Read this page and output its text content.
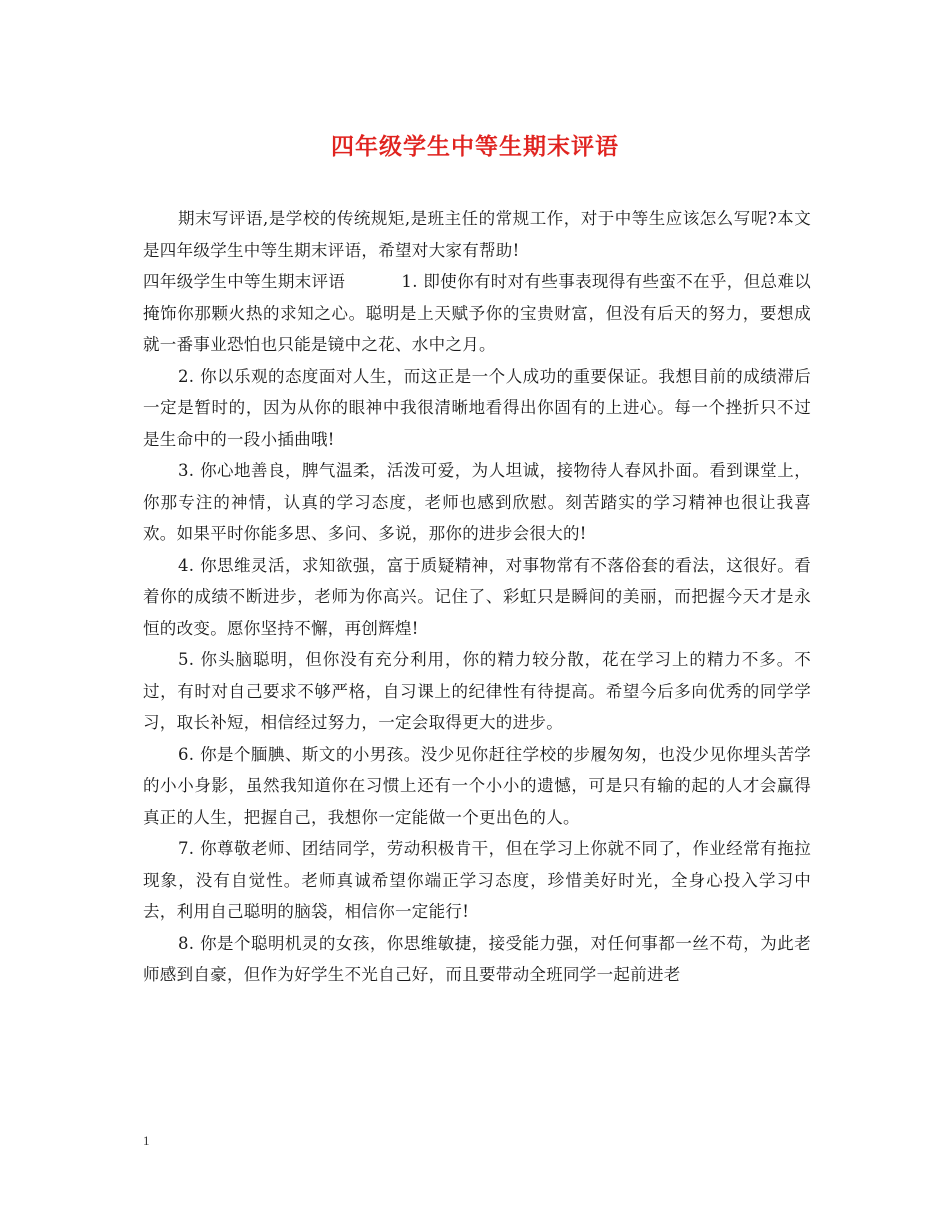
四年级学生中等生期末评语

期末写评语,是学校的传统规矩,是班主任的常规工作，对于中等生应该怎么写呢?本文是四年级学生中等生期末评语，希望对大家有帮助!

四年级学生中等生期末评语　　　 1. 即使你有时对有些事表现得有些蛮不在乎，但总难以掩饰你那颗火热的求知之心。聪明是上天赋予你的宝贵财富，但没有后天的努力，要想成就一番事业恐怕也只能是镜中之花、水中之月。

2. 你以乐观的态度面对人生，而这正是一个人成功的重要保证。我想目前的成绩滞后一定是暂时的，因为从你的眼神中我很清晰地看得出你固有的上进心。每一个挫折只不过是生命中的一段小插曲哦!

3. 你心地善良，脾气温柔，活泼可爱，为人坦诚，接物待人春风扑面。看到课堂上，你那专注的神情，认真的学习态度，老师也感到欣慰。刻苦踏实的学习精神也很让我喜欢。如果平时你能多思、多问、多说，那你的进步会很大的!

4. 你思维灵活，求知欲强，富于质疑精神，对事物常有不落俗套的看法，这很好。看着你的成绩不断进步，老师为你高兴。记住了、彩虹只是瞬间的美丽，而把握今天才是永恒的改变。愿你坚持不懈，再创辉煌!

5. 你头脑聪明，但你没有充分利用，你的精力较分散，花在学习上的精力不多。不过，有时对自己要求不够严格，自习课上的纪律性有待提高。希望今后多向优秀的同学学习，取长补短，相信经过努力，一定会取得更大的进步。

6. 你是个腼腆、斯文的小男孩。没少见你赶往学校的步履匆匆，也没少见你埋头苦学的小小身影，虽然我知道你在习惯上还有一个小小的遗憾，可是只有输的起的人才会赢得真正的人生，把握自己，我想你一定能做一个更出色的人。

7. 你尊敬老师、团结同学，劳动积极肯干，但在学习上你就不同了，作业经常有拖拉现象，没有自觉性。老师真诚希望你端正学习态度，珍惜美好时光，全身心投入学习中去，利用自己聪明的脑袋，相信你一定能行!

8. 你是个聪明机灵的女孩，你思维敏捷，接受能力强，对任何事都一丝不苟，为此老师感到自豪，但作为好学生不光自己好，而且要带动全班同学一起前进老

1
